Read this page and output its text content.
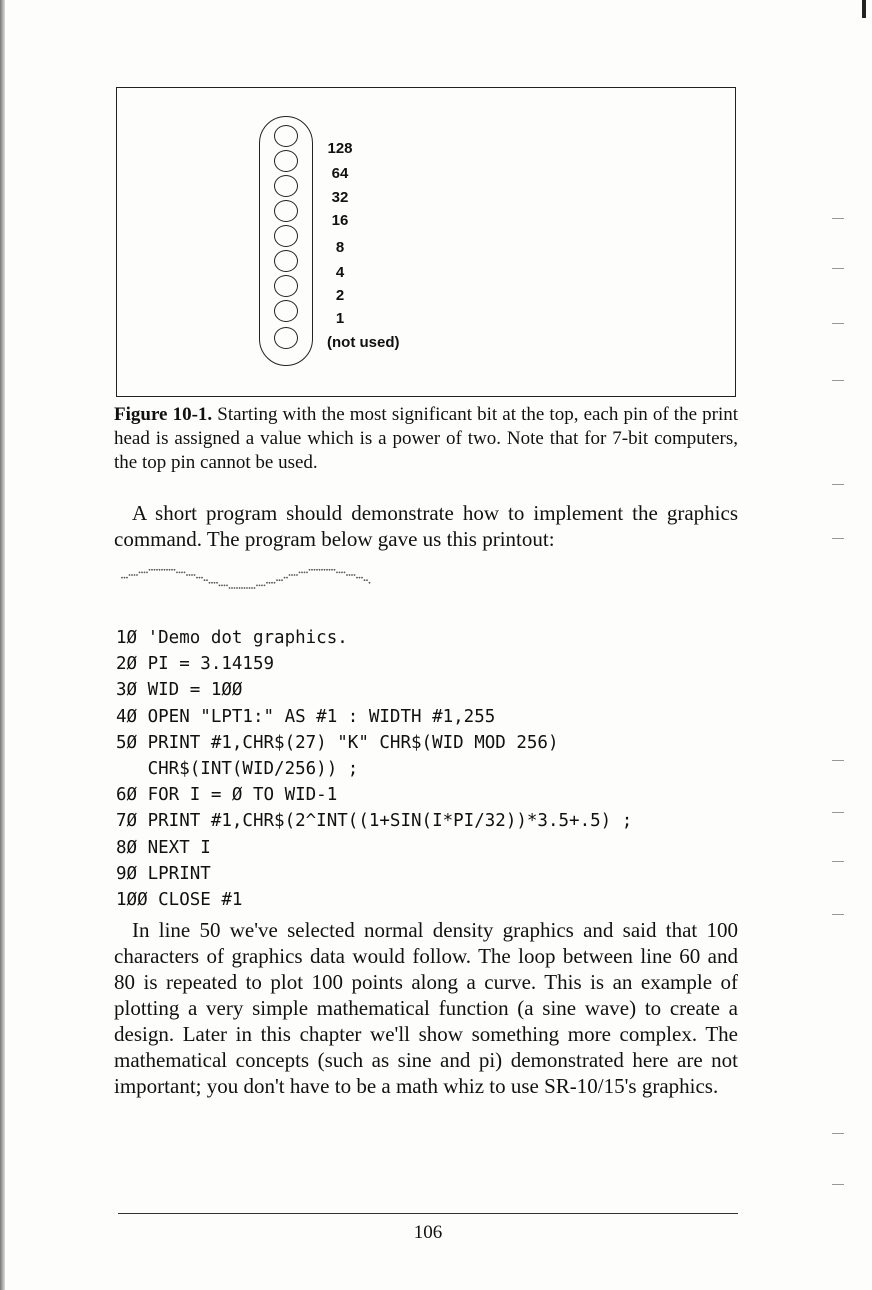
128
64
32
16
8
4
2
1
(not used)
Figure 10-1. Starting with the most significant bit at the top, each pin of the print head is assigned a value which is a power of two. Note that for 7-bit computers, the top pin cannot be used.
A short program should demonstrate how to implement the graphics command. The program below gave us this printout:
1Ø 'Demo dot graphics.
2Ø PI = 3.14159
3Ø WID = 1ØØ
4Ø OPEN "LPT1:" AS #1 : WIDTH #1,255
5Ø PRINT #1,CHR$(27) "K" CHR$(WID MOD 256)
CHR$(INT(WID/256)) ;
6Ø FOR I = Ø TO WID-1
7Ø PRINT #1,CHR$(2^INT((1+SIN(I*PI/32))*3.5+.5) ;
8Ø NEXT I
9Ø LPRINT
1ØØ CLOSE #1
In line 50 we've selected normal density graphics and said that 100 characters of graphics data would follow. The loop between line 60 and 80 is repeated to plot 100 points along a curve. This is an example of plotting a very simple mathematical function (a sine wave) to create a design. Later in this chapter we'll show something more complex. The mathematical concepts (such as sine and pi) demonstrated here are not important; you don't have to be a math whiz to use SR-10/15's graphics.
106
